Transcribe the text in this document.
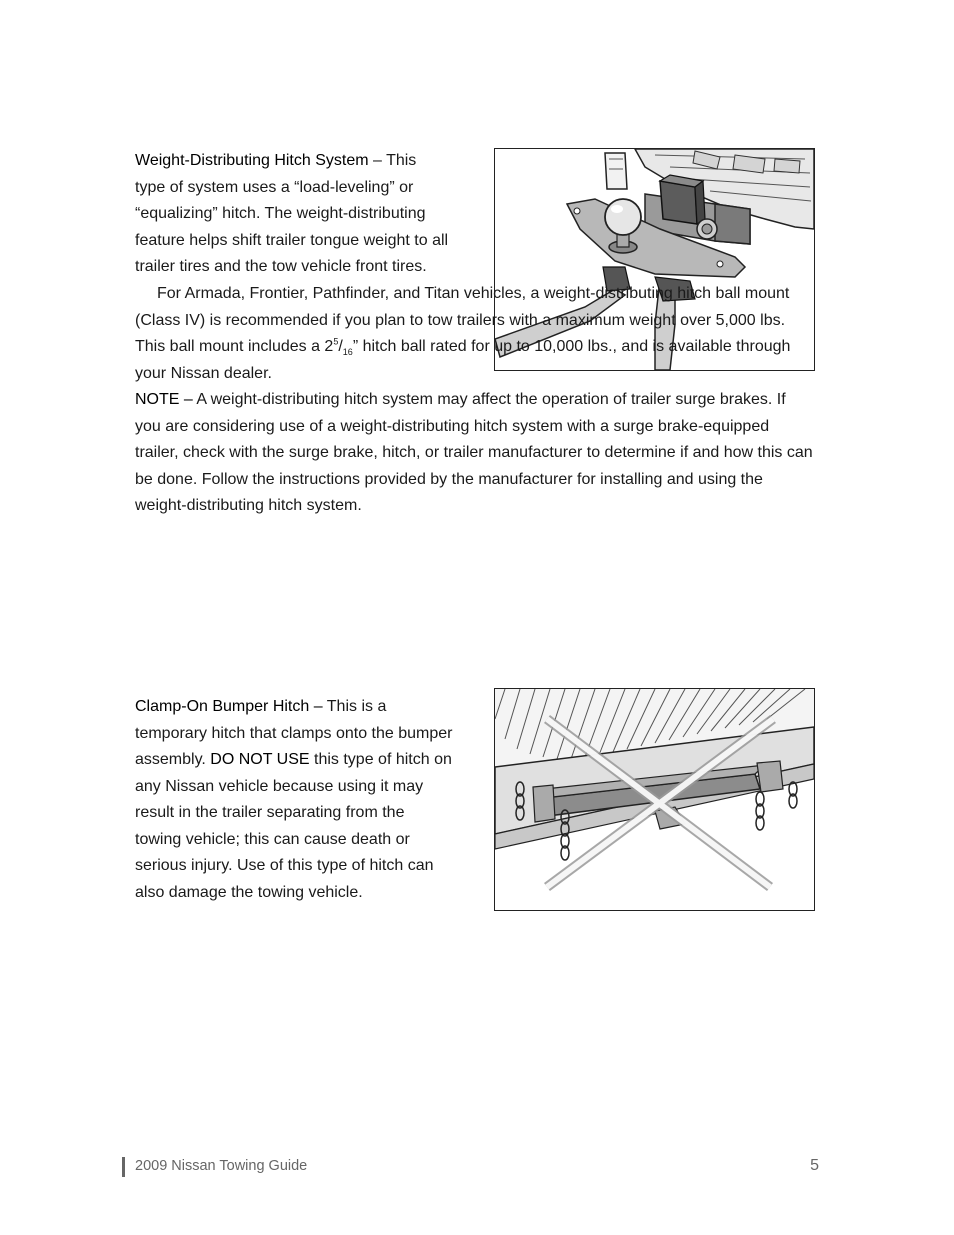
Weight-Distributing Hitch System – This type of system uses a “load-leveling” or “equalizing” hitch. The weight-distributing feature helps shift trailer tongue weight to all trailer tires and the tow vehicle front tires.

For Armada, Frontier, Pathfinder, and Titan vehicles, a weight-distributing hitch ball mount (Class IV) is recommended if you plan to tow trailers with a maximum weight over 5,000 lbs. This ball mount includes a $2^5/_{16}$” hitch ball rated for up to 10,000 lbs., and is available through your Nissan dealer.

NOTE – A weight-distributing hitch system may affect the operation of trailer surge brakes. If you are considering use of a weight-distributing hitch system with a surge brake-equipped trailer, check with the surge brake, hitch, or trailer manufacturer to determine if and how this can be done. Follow the instructions provided by the manufacturer for installing and using the weight-distributing hitch system.

Clamp-On Bumper Hitch – This is a temporary hitch that clamps onto the bumper assembly. DO NOT USE this type of hitch on any Nissan vehicle because using it may result in the trailer separating from the towing vehicle; this can cause death or serious injury. Use of this type of hitch can also damage the towing vehicle.

2009 Nissan Towing Guide	5
